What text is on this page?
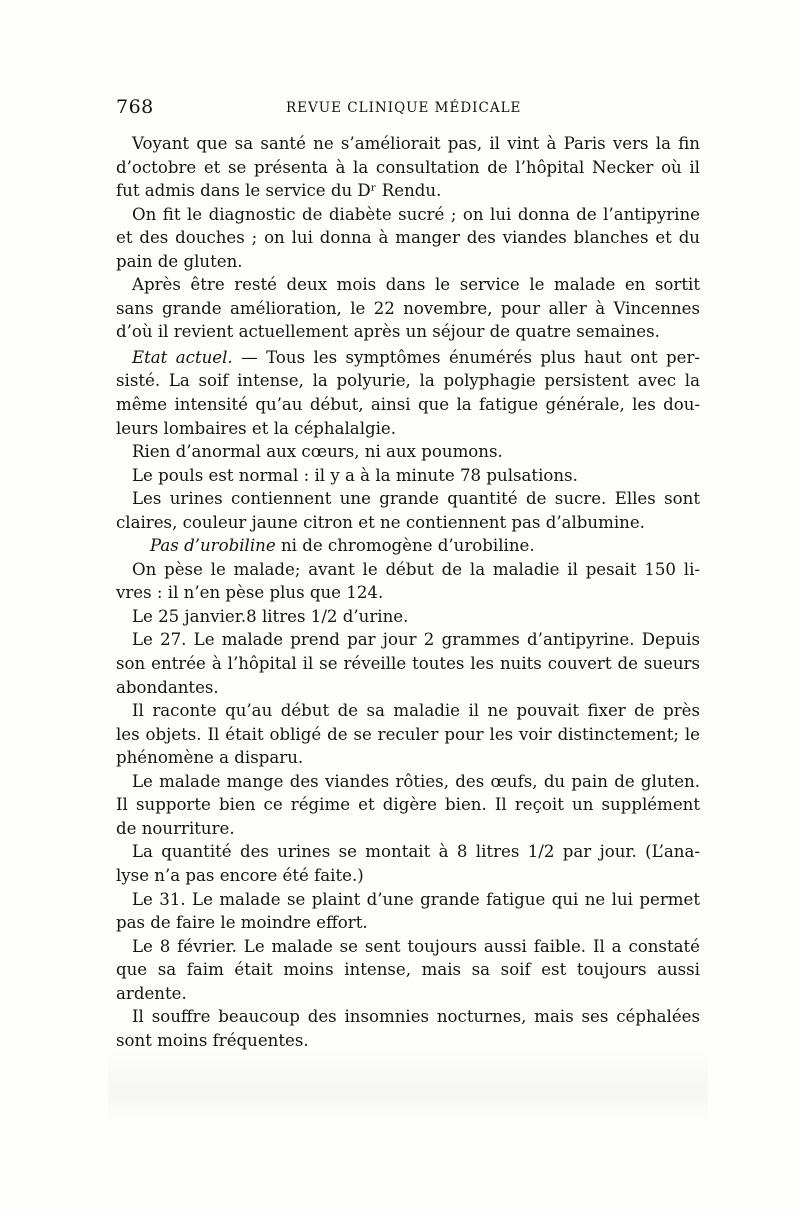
768	REVUE CLINIQUE MÉDICALE
Voyant que sa santé ne s’améliorait pas, il vint à Paris vers la fin
d’octobre et se présenta à la consultation de l’hôpital Necker où il
fut admis dans le service du Dʳ Rendu.
On fit le diagnostic de diabète sucré ; on lui donna de l’antipyrine
et des douches ; on lui donna à manger des viandes blanches et du
pain de gluten.
Après être resté deux mois dans le service le malade en sortit
sans grande amélioration, le 22 novembre, pour aller à Vincennes
d’où il revient actuellement après un séjour de quatre semaines.
Etat actuel. — Tous les symptômes énumérés plus haut ont per-
sisté. La soif intense, la polyurie, la polyphagie persistent avec la
même intensité qu’au début, ainsi que la fatigue générale, les dou-
leurs lombaires et la céphalalgie.
Rien d’anormal aux cœurs, ni aux poumons.
Le pouls est normal : il y a à la minute 78 pulsations.
Les urines contiennent une grande quantité de sucre. Elles sont
claires, couleur jaune citron et ne contiennent pas d’albumine.
Pas d’urobiline ni de chromogène d’urobiline.
On pèse le malade; avant le début de la maladie il pesait 150 li-
vres : il n’en pèse plus que 124.
Le 25 janvier.8 litres 1/2 d’urine.
Le 27. Le malade prend par jour 2 grammes d’antipyrine. Depuis
son entrée à l’hôpital il se réveille toutes les nuits couvert de sueurs
abondantes.
Il raconte qu’au début de sa maladie il ne pouvait fixer de près
les objets. Il était obligé de se reculer pour les voir distinctement; le
phénomène a disparu.
Le malade mange des viandes rôties, des œufs, du pain de gluten.
Il supporte bien ce régime et digère bien. Il reçoit un supplément
de nourriture.
La quantité des urines se montait à 8 litres 1/2 par jour. (L’ana-
lyse n’a pas encore été faite.)
Le 31. Le malade se plaint d’une grande fatigue qui ne lui permet
pas de faire le moindre effort.
Le 8 février. Le malade se sent toujours aussi faible. Il a constaté
que sa faim était moins intense, mais sa soif est toujours aussi
ardente.
Il souffre beaucoup des insomnies nocturnes, mais ses céphalées
sont moins fréquentes.
